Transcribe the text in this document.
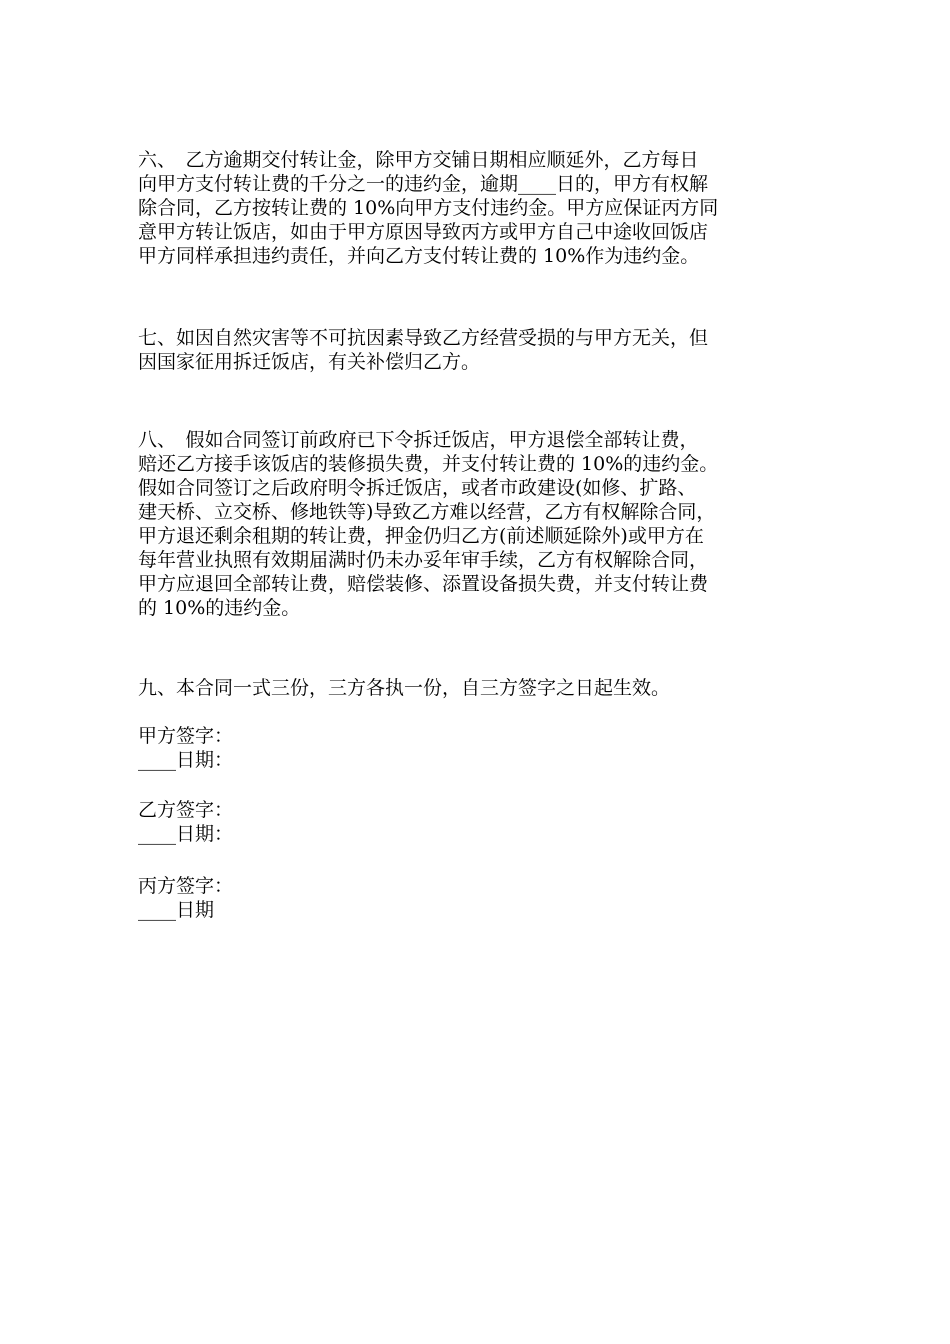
六、　乙方逾期交付转让金，除甲方交铺日期相应顺延外，乙方每日
向甲方支付转让费的千分之一的违约金，逾期____日的，甲方有权解
除合同，乙方按转让费的 10%向甲方支付违约金。甲方应保证丙方同
意甲方转让饭店，如由于甲方原因导致丙方或甲方自己中途收回饭店
甲方同样承担违约责任，并向乙方支付转让费的 10%作为违约金。
七、如因自然灾害等不可抗因素导致乙方经营受损的与甲方无关，但
因国家征用拆迁饭店，有关补偿归乙方。
八、　假如合同签订前政府已下令拆迁饭店，甲方退偿全部转让费，
赔还乙方接手该饭店的装修损失费，并支付转让费的 10%的违约金。
假如合同签订之后政府明令拆迁饭店，或者市政建设(如修、扩路、
建天桥、立交桥、修地铁等)导致乙方难以经营，乙方有权解除合同，
甲方退还剩余租期的转让费，押金仍归乙方(前述顺延除外)或甲方在
每年营业执照有效期届满时仍未办妥年审手续，乙方有权解除合同，
甲方应退回全部转让费，赔偿装修、添置设备损失费，并支付转让费
的 10%的违约金。
九、本合同一式三份，三方各执一份，自三方签字之日起生效。
甲方签字：
____日期：
乙方签字：
____日期：
丙方签字：
____日期
